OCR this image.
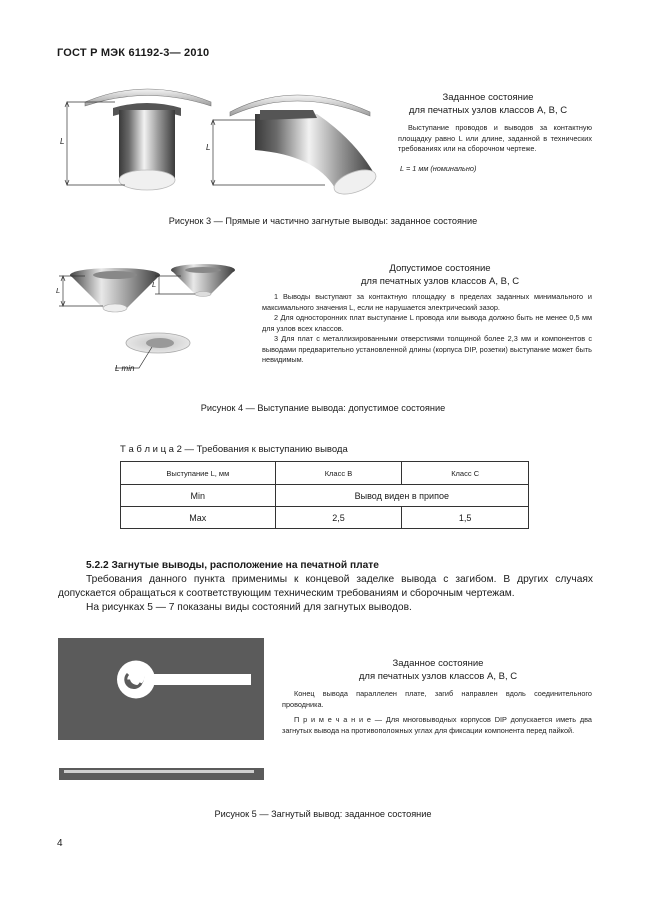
ГОСТ Р МЭК 61192-3— 2010
L
L
Заданное состояние
для печатных узлов классов А, В, С
Выступание проводов и выводов за контактную площадку равно L или длине, заданной в технических требованиях или на сборочном чертеже.
L = 1 мм (номинально)
Рисунок 3 — Прямые и частично загнутые выводы: заданное состояние
L
L
L min
Допустимое состояние
для печатных узлов классов А, В, С
1 Выводы выступают за контактную площадку в пределах заданных минимального и максимального значения L, если не нарушается электрический зазор.
2 Для односторонних плат выступание L провода или вывода должно быть не менее 0,5 мм для узлов всех классов.
3 Для плат с металлизированными отверстиями толщиной более 2,3 мм и компонентов с выводами предварительно установленной длины (корпуса DIP, розетки) выступание может быть невидимым.
Рисунок 4 — Выступание вывода: допустимое состояние
Т а б л и ц а 2 — Требования к выступанию вывода
Выступание L, мм	Класс В	Класс С
Min	Вывод виден в припое	
Max	2,5	1,5
5.2.2 Загнутые выводы, расположение на печатной плате
Требования данного пункта применимы к концевой заделке вывода с загибом. В других случаях допускается обращаться к соответствующим техническим требованиям и сборочным чертежам.
На рисунках 5 — 7 показаны виды состояний для загнутых выводов.
Заданное состояние
для печатных узлов классов А, В, С
Конец вывода параллелен плате, загиб направлен вдоль соединительного проводника.
П р и м е ч а н и е — Для многовыводных корпусов DIP допускается иметь два загнутых вывода на противоположных углах для фиксации компонента перед пайкой.
Рисунок 5 — Загнутый вывод: заданное состояние
4
